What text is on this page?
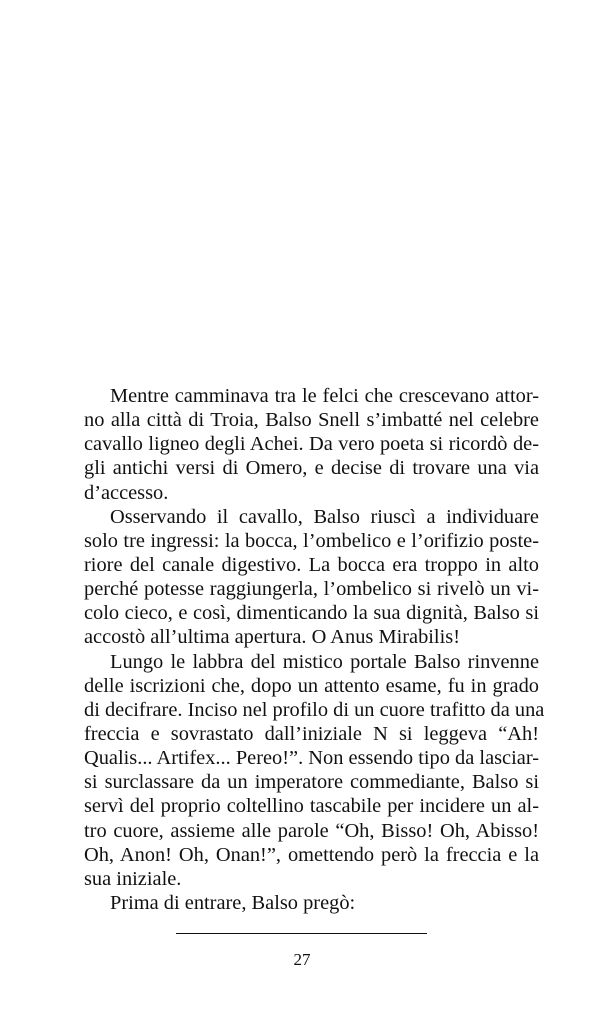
Mentre camminava tra le felci che crescevano attor-
no alla città di Troia, Balso Snell s’imbatté nel celebre
cavallo ligneo degli Achei. Da vero poeta si ricordò de-
gli antichi versi di Omero, e decise di trovare una via
d’accesso.
Osservando il cavallo, Balso riuscì a individuare
solo tre ingressi: la bocca, l’ombelico e l’orifizio poste-
riore del canale digestivo. La bocca era troppo in alto
perché potesse raggiungerla, l’ombelico si rivelò un vi-
colo cieco, e così, dimenticando la sua dignità, Balso si
accostò all’ultima apertura. O Anus Mirabilis!
Lungo le labbra del mistico portale Balso rinvenne
delle iscrizioni che, dopo un attento esame, fu in grado
di decifrare. Inciso nel profilo di un cuore trafitto da una
freccia e sovrastato dall’iniziale N si leggeva “Ah!
Qualis... Artifex... Pereo!”. Non essendo tipo da lasciar-
si surclassare da un imperatore commediante, Balso si
servì del proprio coltellino tascabile per incidere un al-
tro cuore, assieme alle parole “Oh, Bisso! Oh, Abisso!
Oh, Anon! Oh, Onan!”, omettendo però la freccia e la
sua iniziale.
Prima di entrare, Balso pregò:
27
